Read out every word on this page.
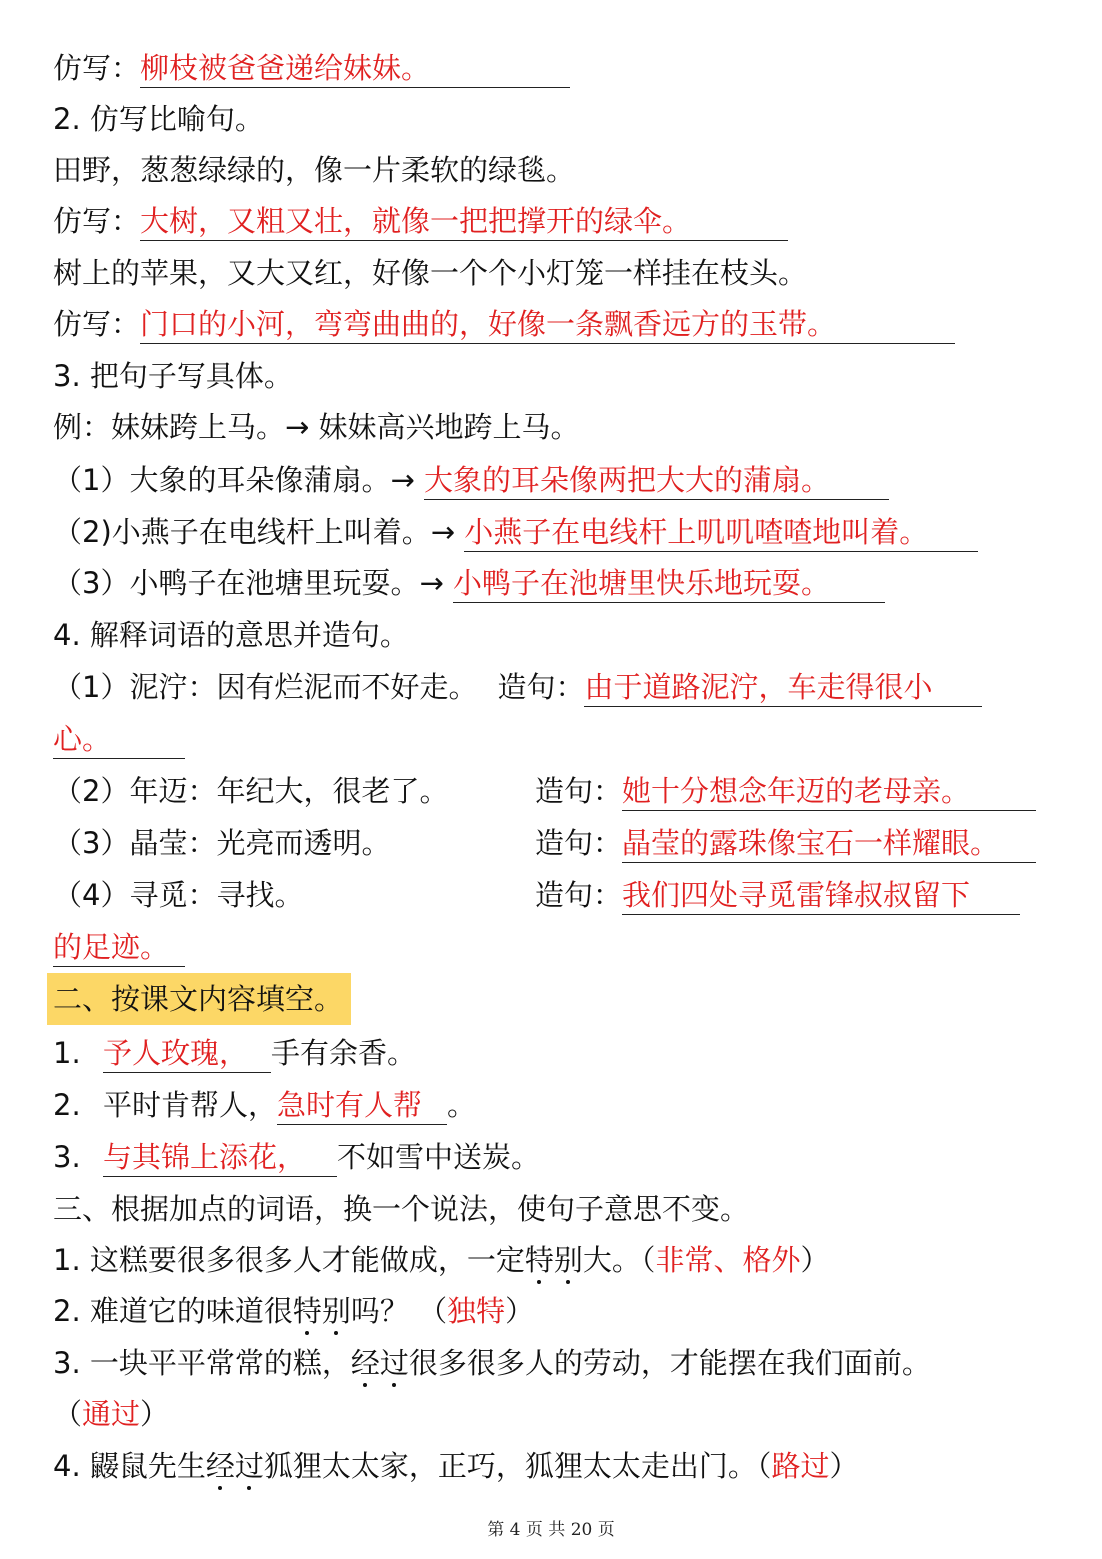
仿写：柳枝被爸爸递给妹妹。
2. 仿写比喻句。
田野，葱葱绿绿的，像一片柔软的绿毯。
仿写：大树，又粗又壮，就像一把把撑开的绿伞。
树上的苹果，又大又红，好像一个个小灯笼一样挂在枝头。
仿写：门口的小河，弯弯曲曲的，好像一条飘香远方的玉带。
3. 把句子写具体。
例：妹妹跨上马。→ 妹妹高兴地跨上马。
（1）大象的耳朵像蒲扇。→ 大象的耳朵像两把大大的蒲扇。
（2)小燕子在电线杆上叫着。→ 小燕子在电线杆上叽叽喳喳地叫着。
（3）小鸭子在池塘里玩耍。→ 小鸭子在池塘里快乐地玩耍。
4. 解释词语的意思并造句。
（1）泥泞：因有烂泥而不好走。 造句：由于道路泥泞，车走得很小
心。
（2）年迈：年纪大，很老了。	造句：她十分想念年迈的老母亲。
（3）晶莹：光亮而透明。	造句：晶莹的露珠像宝石一样耀眼。
（4）寻觅：寻找。	造句：我们四处寻觅雷锋叔叔留下
的足迹。
二、按课文内容填空。
1. 予人玫瑰， 手有余香。
2. 平时肯帮人，急时有人帮 。
3. 与其锦上添花， 不如雪中送炭。
三、根据加点的词语，换一个说法，使句子意思不变。
1. 这糕要很多很多人才能做成，一定特别大。（非常、格外）
2. 难道它的味道很特别吗？ （独特）
3. 一块平平常常的糕，经过很多很多人的劳动，才能摆在我们面前。
（通过）
4. 鼹鼠先生经过狐狸太太家，正巧，狐狸太太走出门。（路过）
第 4 页 共 20 页
